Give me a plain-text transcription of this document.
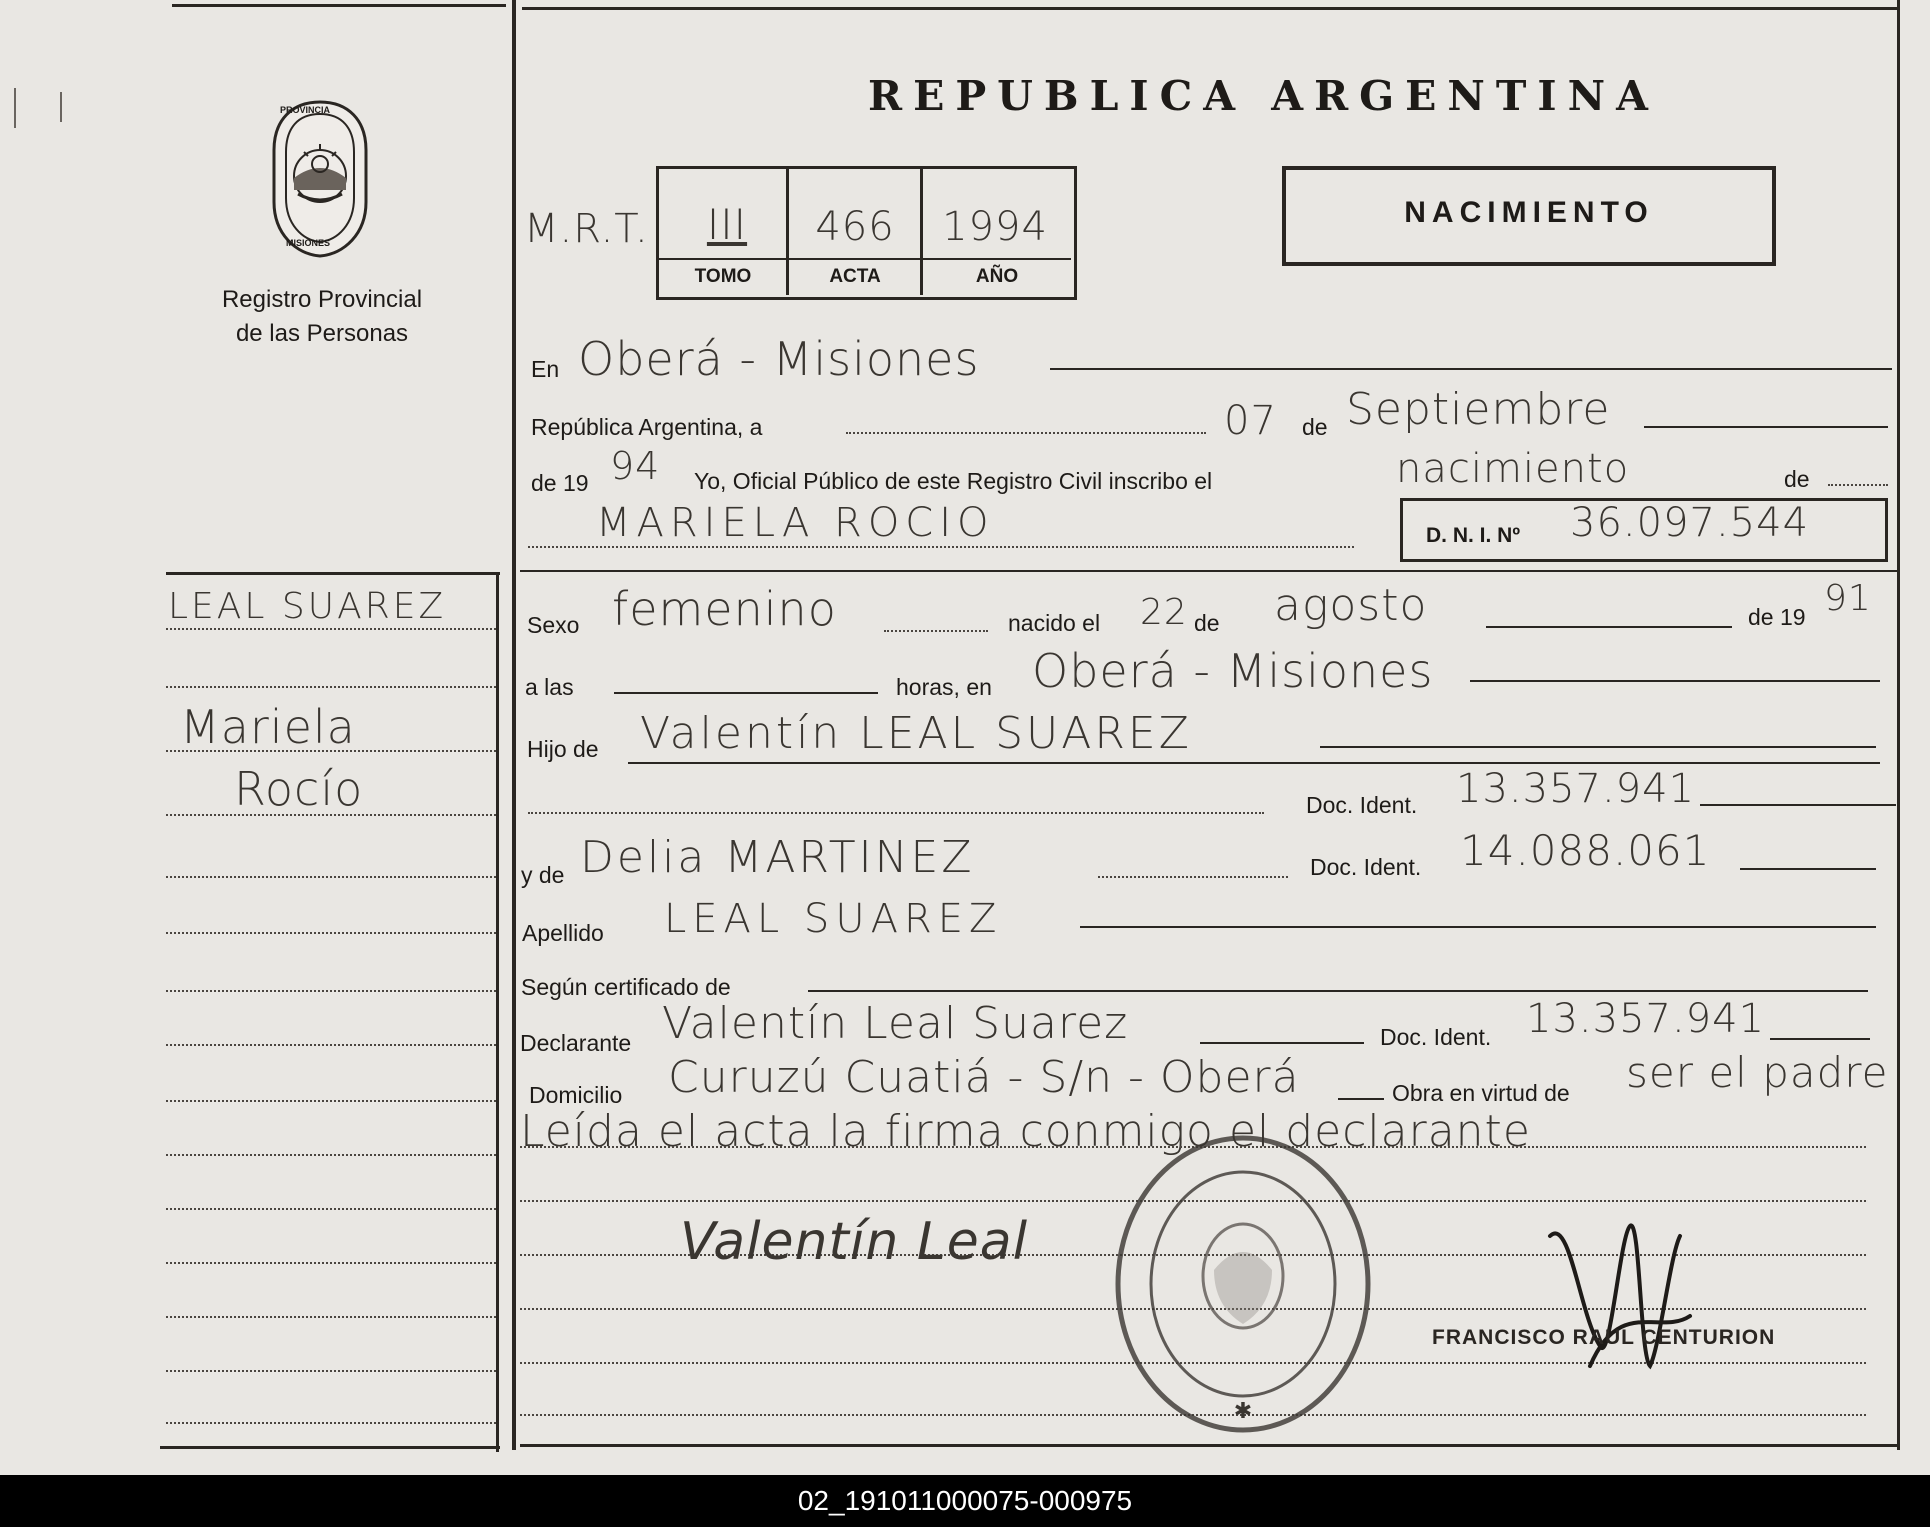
PROVINCIA
MISIONES
Registro Provincial
de las Personas
REPUBLICA ARGENTINA
M.R.T.	III	466	1994
TOMO	ACTA	AÑO
NACIMIENTO
En Oberá - Misiones
República Argentina, a	07 de Septiembre
de 19 94 Yo, Oficial Público de este Registro Civil inscribo el	nacimiento	de
MARIELA ROCIO	D. N. I. Nº 36.097.544
LEAL SUAREZ
Mariela
Rocío
Sexo femenino	nacido el 22 de agosto	de 19 91
a las	horas, en Oberá - Misiones
Hijo de Valentín LEAL SUAREZ
Doc. Ident. 13.357.941
y de Delia MARTINEZ	Doc. Ident. 14.088.061
Apellido LEAL SUAREZ
Según certificado de
Declarante Valentín Leal Suarez	Doc. Ident. 13.357.941
Domicilio Curuzú Cuatiá - S/n - Oberá	Obra en virtud de ser el padre
Leída el acta la firma conmigo el declarante
✱
Valentín Leal
FRANCISCO RAUL CENTURION
02_191011000075-000975
